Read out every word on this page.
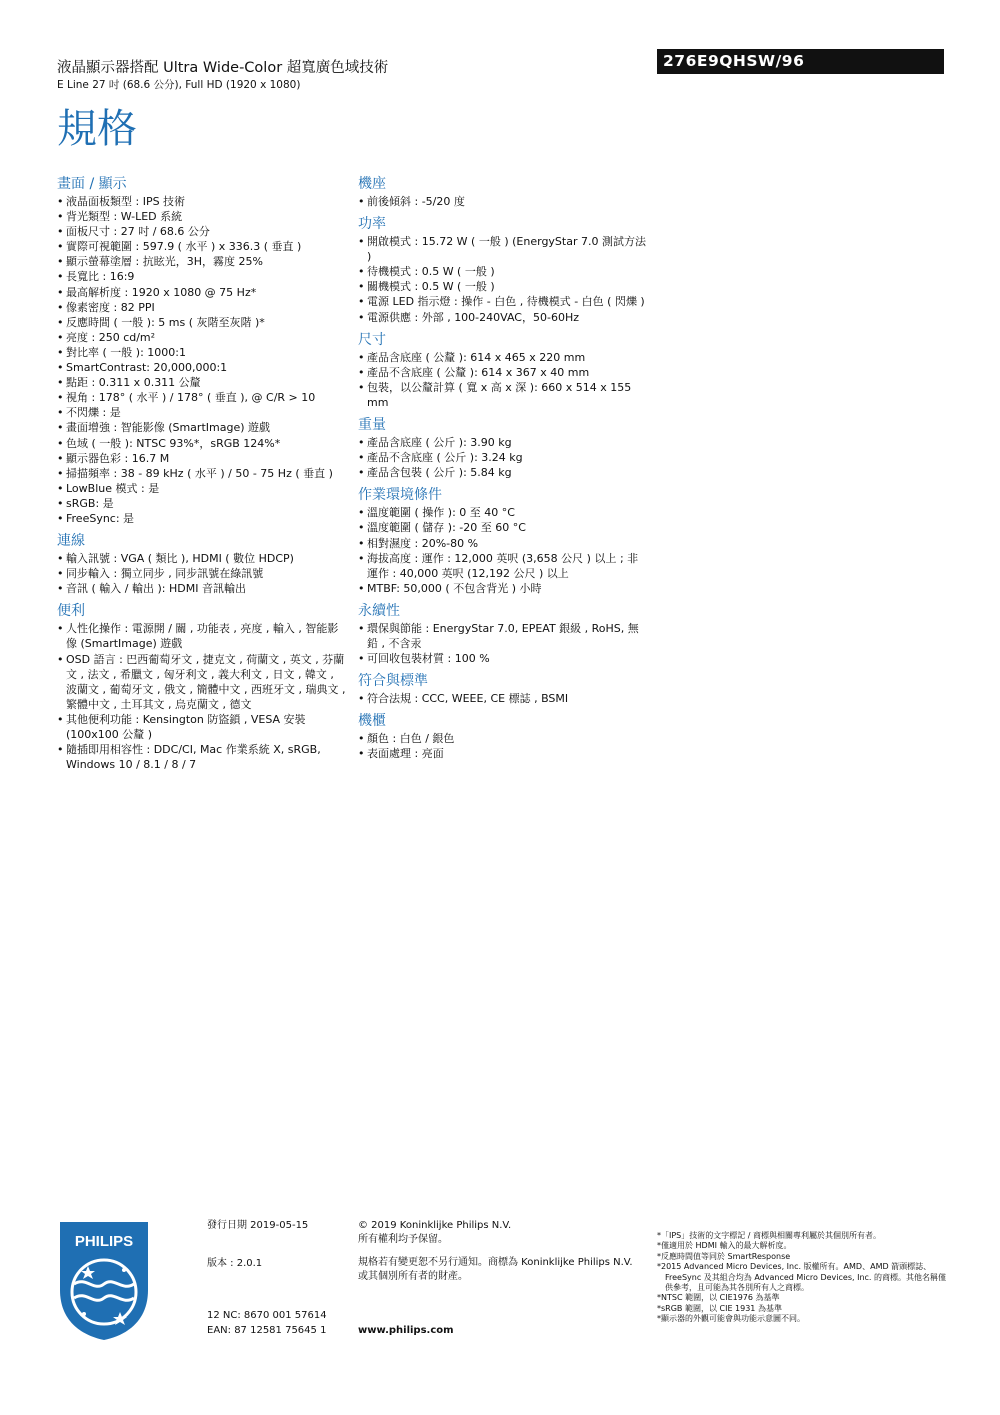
液晶顯示器搭配 Ultra Wide-Color 超寬廣色域技術
E Line 27 吋 (68.6 公分), Full HD (1920 x 1080)
276E9QHSW/96
規格
畫面 / 顯示
• 液晶面板類型 : IPS 技術
• 背光類型 : W-LED 系統
• 面板尺寸 : 27 吋 / 68.6 公分
• 實際可視範圍 : 597.9 ( 水平 ) x 336.3 ( 垂直 )
• 顯示螢幕塗層 : 抗眩光，3H，霧度 25%
• 長寬比 : 16:9
• 最高解析度 : 1920 x 1080 @ 75 Hz*
• 像素密度 : 82 PPI
• 反應時間 ( 一般 ): 5 ms ( 灰階至灰階 )*
• 亮度 : 250 cd/m²
• 對比率 ( 一般 ): 1000:1
• SmartContrast: 20,000,000:1
• 點距 : 0.311 x 0.311 公釐
• 視角 : 178° ( 水平 ) / 178° ( 垂直 ), @ C/R > 10
• 不閃爍 : 是
• 畫面增強 : 智能影像 (SmartImage) 遊戲
• 色域 ( 一般 ): NTSC 93%*，sRGB 124%*
• 顯示器色彩 : 16.7 M
• 掃描頻率 : 38 - 89 kHz ( 水平 ) / 50 - 75 Hz ( 垂直 )
• LowBlue 模式 : 是
• sRGB: 是
• FreeSync: 是
連線
• 輸入訊號 : VGA ( 類比 ), HDMI ( 數位 HDCP)
• 同步輸入 : 獨立同步 , 同步訊號在綠訊號
• 音訊 ( 輸入 / 輸出 ): HDMI 音訊輸出
便利
• 人性化操作 : 電源開 / 關 , 功能表 , 亮度 , 輸入 , 智能影像 (SmartImage) 遊戲
• OSD 語言 : 巴西葡萄牙文 , 捷克文 , 荷蘭文 , 英文 , 芬蘭文 , 法文 , 希臘文 , 匈牙利文 , 義大利文 , 日文 , 韓文 , 波蘭文 , 葡萄牙文 , 俄文 , 簡體中文 , 西班牙文 , 瑞典文 , 繁體中文 , 土耳其文 , 烏克蘭文 , 德文
• 其他便利功能 : Kensington 防盜鎖 , VESA 安裝 (100x100 公釐 )
• 隨插即用相容性 : DDC/CI, Mac 作業系統 X, sRGB, Windows 10 / 8.1 / 8 / 7
機座
• 前後傾斜 : -5/20 度
功率
• 開啟模式 : 15.72 W ( 一般 ) (EnergyStar 7.0 測試方法 )
• 待機模式 : 0.5 W ( 一般 )
• 關機模式 : 0.5 W ( 一般 )
• 電源 LED 指示燈 : 操作 - 白色 , 待機模式 - 白色 ( 閃爍 )
• 電源供應 : 外部 , 100-240VAC，50-60Hz
尺寸
• 產品含底座 ( 公釐 ): 614 x 465 x 220 mm
• 產品不含底座 ( 公釐 ): 614 x 367 x 40 mm
• 包裝，以公釐計算 ( 寬 x 高 x 深 ): 660 x 514 x 155 mm
重量
• 產品含底座 ( 公斤 ): 3.90 kg
• 產品不含底座 ( 公斤 ): 3.24 kg
• 產品含包裝 ( 公斤 ): 5.84 kg
作業環境條件
• 溫度範圍 ( 操作 ): 0 至 40 °C
• 溫度範圍 ( 儲存 ): -20 至 60 °C
• 相對濕度 : 20%-80 %
• 海拔高度 : 運作 : 12,000 英呎 (3,658 公尺 ) 以上 ; 非運作 : 40,000 英呎 (12,192 公尺 ) 以上
• MTBF: 50,000 ( 不包含背光 ) 小時
永續性
• 環保與節能 : EnergyStar 7.0, EPEAT 銀級 , RoHS, 無鉛 , 不含汞
• 可回收包裝材質 : 100 %
符合與標準
• 符合法規 : CCC, WEEE, CE 標誌 , BSMI
機櫃
• 顏色 : 白色 / 銀色
• 表面處理 : 亮面
PHILIPS
發行日期 2019-05-15
版本 : 2.0.1
12 NC: 8670 001 57614
EAN: 87 12581 75645 1
© 2019 Koninklijke Philips N.V.
所有權利均予保留。
規格若有變更恕不另行通知。商標為 Koninklijke Philips N.V. 或其個別所有者的財產。
www.philips.com
*「IPS」技術的文字標記 / 商標與相關專利屬於其個別所有者。
*僅適用於 HDMI 輸入的最大解析度。
*反應時間值等同於 SmartResponse
*2015 Advanced Micro Devices, Inc. 版權所有。AMD、AMD 箭頭標誌、FreeSync 及其組合均為 Advanced Micro Devices, Inc. 的商標。其他名稱僅供參考，且可能為其各別所有人之商標。
*NTSC 範圍，以 CIE1976 為基準
*sRGB 範圍，以 CIE 1931 為基準
*顯示器的外觀可能會與功能示意圖不同。
